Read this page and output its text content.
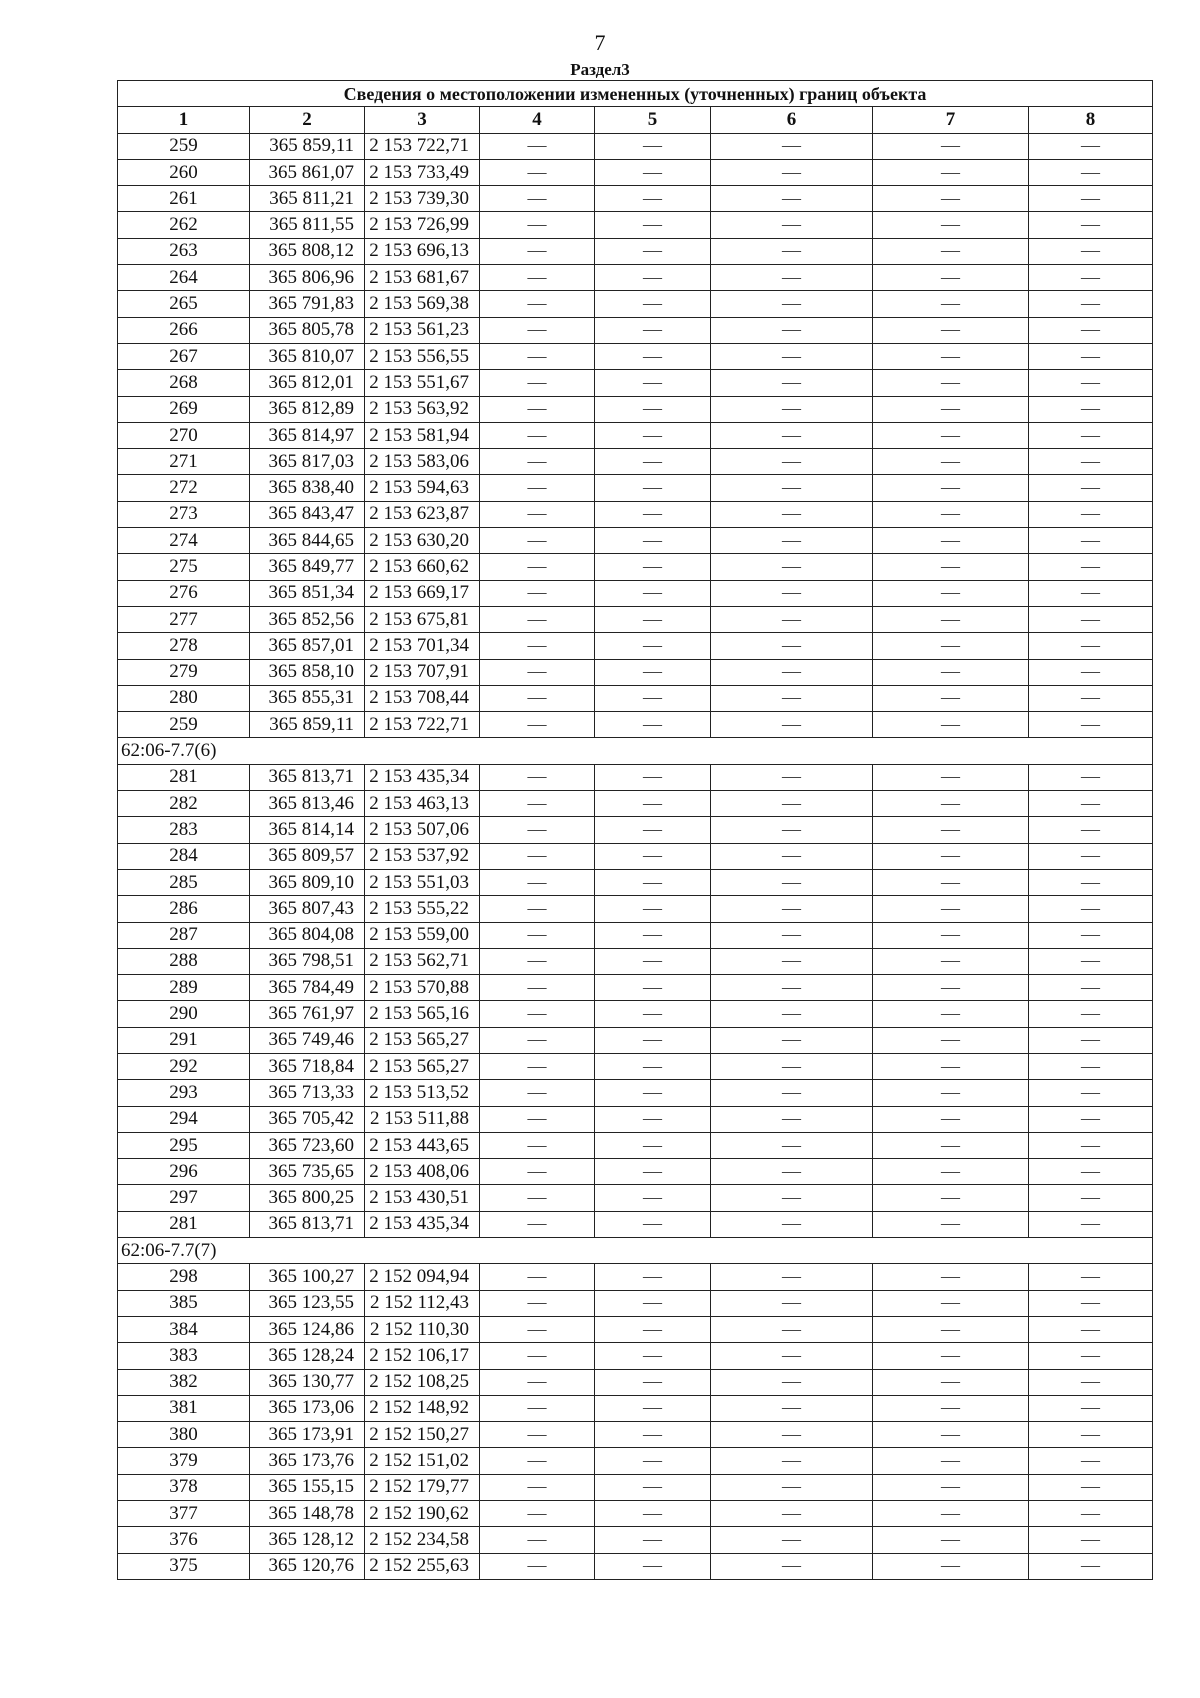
7
Раздел3
Сведения о местоположении измененных (уточненных) границ объекта							
1	2	3	4	5	6	7	8
259	365 859,11	2 153 722,71	—	—	—	—	—
260	365 861,07	2 153 733,49	—	—	—	—	—
261	365 811,21	2 153 739,30	—	—	—	—	—
262	365 811,55	2 153 726,99	—	—	—	—	—
263	365 808,12	2 153 696,13	—	—	—	—	—
264	365 806,96	2 153 681,67	—	—	—	—	—
265	365 791,83	2 153 569,38	—	—	—	—	—
266	365 805,78	2 153 561,23	—	—	—	—	—
267	365 810,07	2 153 556,55	—	—	—	—	—
268	365 812,01	2 153 551,67	—	—	—	—	—
269	365 812,89	2 153 563,92	—	—	—	—	—
270	365 814,97	2 153 581,94	—	—	—	—	—
271	365 817,03	2 153 583,06	—	—	—	—	—
272	365 838,40	2 153 594,63	—	—	—	—	—
273	365 843,47	2 153 623,87	—	—	—	—	—
274	365 844,65	2 153 630,20	—	—	—	—	—
275	365 849,77	2 153 660,62	—	—	—	—	—
276	365 851,34	2 153 669,17	—	—	—	—	—
277	365 852,56	2 153 675,81	—	—	—	—	—
278	365 857,01	2 153 701,34	—	—	—	—	—
279	365 858,10	2 153 707,91	—	—	—	—	—
280	365 855,31	2 153 708,44	—	—	—	—	—
259	365 859,11	2 153 722,71	—	—	—	—	—
62:06-7.7(6)							
281	365 813,71	2 153 435,34	—	—	—	—	—
282	365 813,46	2 153 463,13	—	—	—	—	—
283	365 814,14	2 153 507,06	—	—	—	—	—
284	365 809,57	2 153 537,92	—	—	—	—	—
285	365 809,10	2 153 551,03	—	—	—	—	—
286	365 807,43	2 153 555,22	—	—	—	—	—
287	365 804,08	2 153 559,00	—	—	—	—	—
288	365 798,51	2 153 562,71	—	—	—	—	—
289	365 784,49	2 153 570,88	—	—	—	—	—
290	365 761,97	2 153 565,16	—	—	—	—	—
291	365 749,46	2 153 565,27	—	—	—	—	—
292	365 718,84	2 153 565,27	—	—	—	—	—
293	365 713,33	2 153 513,52	—	—	—	—	—
294	365 705,42	2 153 511,88	—	—	—	—	—
295	365 723,60	2 153 443,65	—	—	—	—	—
296	365 735,65	2 153 408,06	—	—	—	—	—
297	365 800,25	2 153 430,51	—	—	—	—	—
281	365 813,71	2 153 435,34	—	—	—	—	—
62:06-7.7(7)							
298	365 100,27	2 152 094,94	—	—	—	—	—
385	365 123,55	2 152 112,43	—	—	—	—	—
384	365 124,86	2 152 110,30	—	—	—	—	—
383	365 128,24	2 152 106,17	—	—	—	—	—
382	365 130,77	2 152 108,25	—	—	—	—	—
381	365 173,06	2 152 148,92	—	—	—	—	—
380	365 173,91	2 152 150,27	—	—	—	—	—
379	365 173,76	2 152 151,02	—	—	—	—	—
378	365 155,15	2 152 179,77	—	—	—	—	—
377	365 148,78	2 152 190,62	—	—	—	—	—
376	365 128,12	2 152 234,58	—	—	—	—	—
375	365 120,76	2 152 255,63	—	—	—	—	—
